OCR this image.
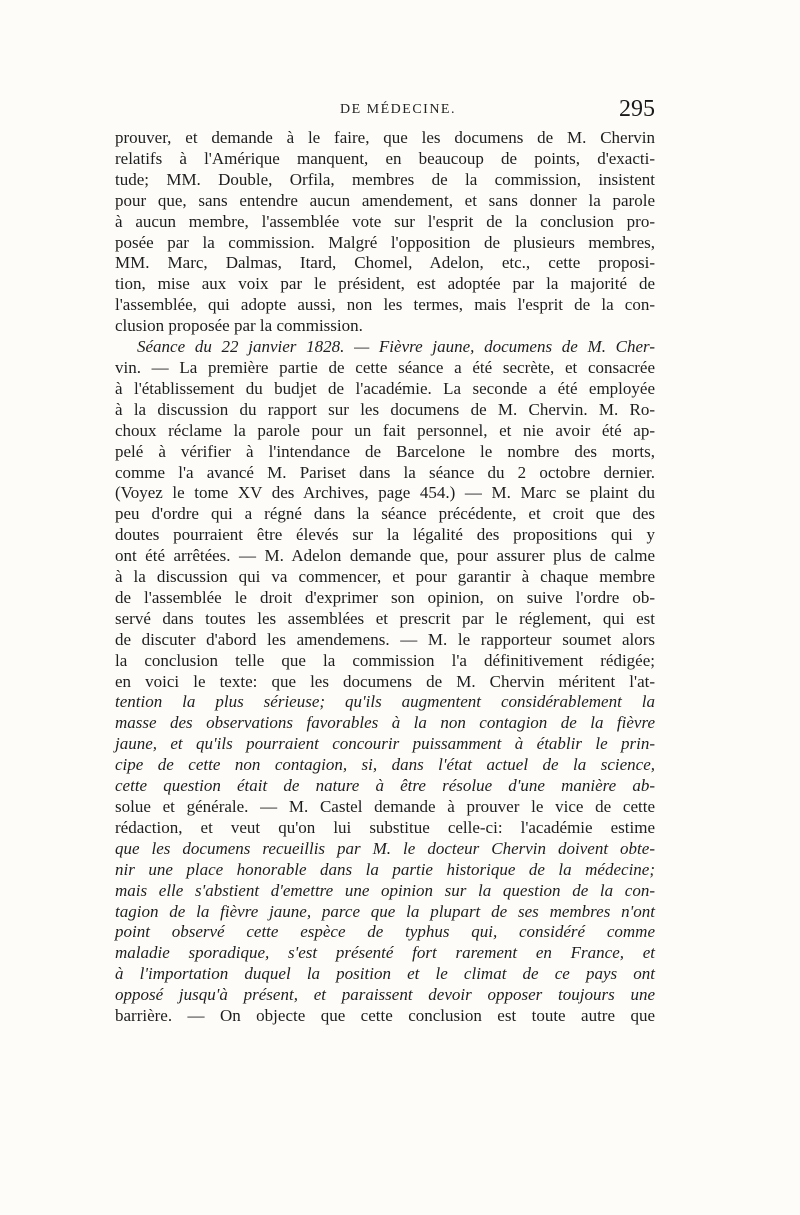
DE MÉDECINE.	295
prouver, et demande à le faire, que les documens de M. Chervin
relatifs à l'Amérique manquent, en beaucoup de points, d'exacti-
tude; MM. Double, Orfila, membres de la commission, insistent
pour que, sans entendre aucun amendement, et sans donner la parole
à aucun membre, l'assemblée vote sur l'esprit de la conclusion pro-
posée par la commission. Malgré l'opposition de plusieurs membres,
MM. Marc, Dalmas, Itard, Chomel, Adelon, etc., cette proposi-
tion, mise aux voix par le président, est adoptée par la majorité de
l'assemblée, qui adopte aussi, non les termes, mais l'esprit de la con-
clusion proposée par la commission.
Séance du 22 janvier 1828. — Fièvre jaune, documens de M. Cher-
vin. — La première partie de cette séance a été secrète, et consacrée
à l'établissement du budjet de l'académie. La seconde a été employée
à la discussion du rapport sur les documens de M. Chervin. M. Ro-
choux réclame la parole pour un fait personnel, et nie avoir été ap-
pelé à vérifier à l'intendance de Barcelone le nombre des morts,
comme l'a avancé M. Pariset dans la séance du 2 octobre dernier.
(Voyez le tome XV des Archives, page 454.) — M. Marc se plaint du
peu d'ordre qui a régné dans la séance précédente, et croit que des
doutes pourraient être élevés sur la légalité des propositions qui y
ont été arrêtées. — M. Adelon demande que, pour assurer plus de calme
à la discussion qui va commencer, et pour garantir à chaque membre
de l'assemblée le droit d'exprimer son opinion, on suive l'ordre ob-
servé dans toutes les assemblées et prescrit par le réglement, qui est
de discuter d'abord les amendemens. — M. le rapporteur soumet alors
la conclusion telle que la commission l'a définitivement rédigée;
en voici le texte: que les documens de M. Chervin méritent l'at-
tention la plus sérieuse; qu'ils augmentent considérablement la
masse des observations favorables à la non contagion de la fièvre
jaune, et qu'ils pourraient concourir puissamment à établir le prin-
cipe de cette non contagion, si, dans l'état actuel de la science,
cette question était de nature à être résolue d'une manière ab-
solue et générale. — M. Castel demande à prouver le vice de cette
rédaction, et veut qu'on lui substitue celle-ci: l'académie estime
que les documens recueillis par M. le docteur Chervin doivent obte-
nir une place honorable dans la partie historique de la médecine;
mais elle s'abstient d'emettre une opinion sur la question de la con-
tagion de la fièvre jaune, parce que la plupart de ses membres n'ont
point observé cette espèce de typhus qui, considéré comme
maladie sporadique, s'est présenté fort rarement en France, et
à l'importation duquel la position et le climat de ce pays ont
opposé jusqu'à présent, et paraissent devoir opposer toujours une
barrière. — On objecte que cette conclusion est toute autre que
